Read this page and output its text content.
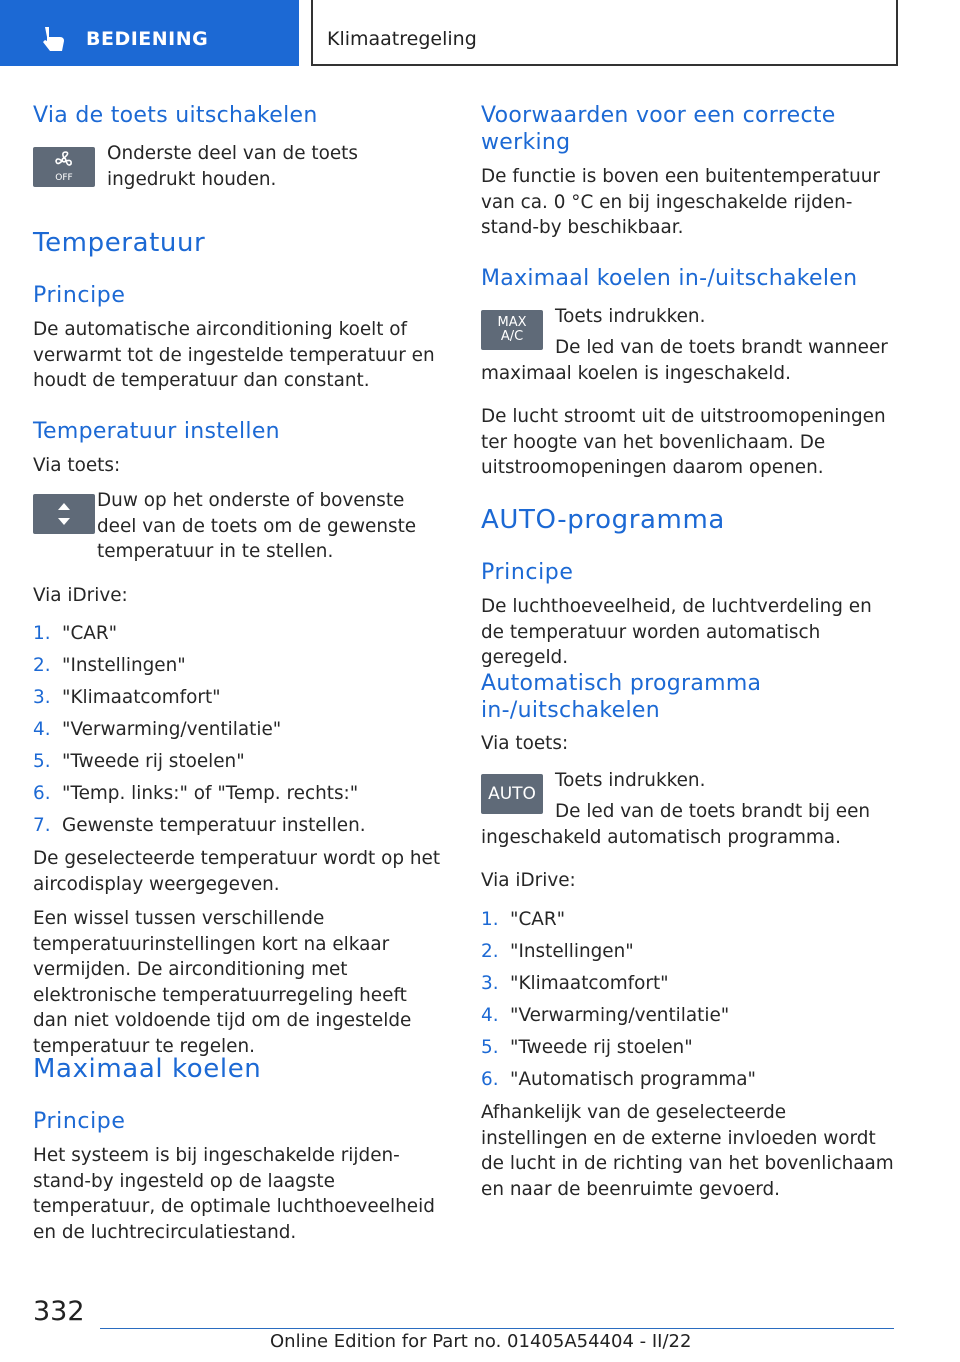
BEDIENING	Klimaatregeling
Via de toets uitschakelen
OFF
Onderste deel van de toets ingedrukt houden.
Temperatuur
Principe
De automatische airconditioning koelt of verwarmt tot de ingestelde temperatuur en houdt de temperatuur dan constant.
Temperatuur instellen
Via toets:
Duw op het onderste of bovenste deel van de toets om de gewenste temperatuur in te stellen.
Via iDrive:
1. "CAR"
2. "Instellingen"
3. "Klimaatcomfort"
4. "Verwarming/ventilatie"
5. "Tweede rij stoelen"
6. "Temp. links:" of "Temp. rechts:"
7. Gewenste temperatuur instellen.
De geselecteerde temperatuur wordt op het aircodisplay weergegeven.
Een wissel tussen verschillende temperatuurinstellingen kort na elkaar vermijden. De airconditioning met elektronische temperatuurregeling heeft dan niet voldoende tijd om de ingestelde temperatuur te regelen.
Maximaal koelen
Principe
Het systeem is bij ingeschakelde rijden-stand-by ingesteld op de laagste temperatuur, de optimale luchthoeveelheid en de luchtrecirculatiestand.
Voorwaarden voor een correcte werking
De functie is boven een buitentemperatuur van ca. 0 °C en bij ingeschakelde rijden-stand-by beschikbaar.
Maximaal koelen in-/uitschakelen
MAX
A/C
Toets indrukken.
De led van de toets brandt wanneer maximaal koelen is ingeschakeld.
De lucht stroomt uit de uitstroomopeningen ter hoogte van het bovenlichaam. De uitstroomopeningen daarom openen.
AUTO-programma
Principe
De luchthoeveelheid, de luchtverdeling en de temperatuur worden automatisch geregeld.
Automatisch programma in-/uitschakelen
Via toets:
AUTO
Toets indrukken.
De led van de toets brandt bij een ingeschakeld automatisch programma.
Via iDrive:
1. "CAR"
2. "Instellingen"
3. "Klimaatcomfort"
4. "Verwarming/ventilatie"
5. "Tweede rij stoelen"
6. "Automatisch programma"
Afhankelijk van de geselecteerde instellingen en de externe invloeden wordt de lucht in de richting van het bovenlichaam en naar de beenruimte gevoerd.
332
Online Edition for Part no. 01405A54404 - II/22
